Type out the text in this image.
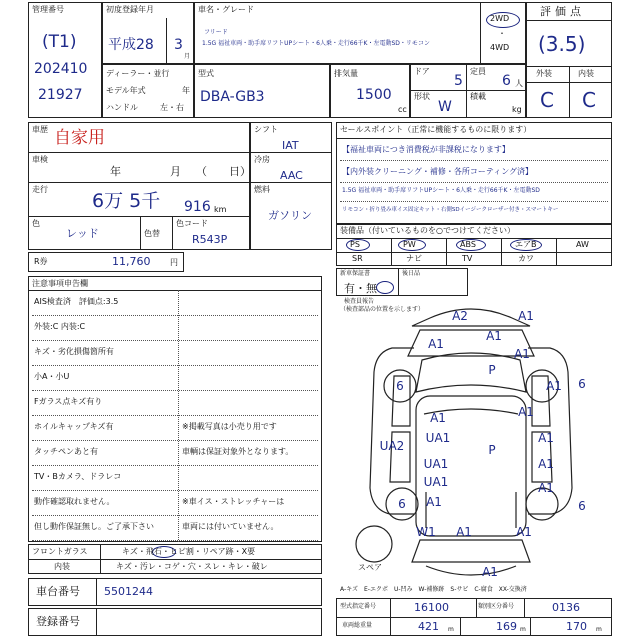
管理番号
(T1)
202410
21927
初度登録年月
平成28 3
月
車名・グレード
フリード
1.5G 福祉車両・助手席リフトUPシート・6人乗・走行66千K・左電動SD・リモコン
2WD
・
4WD
評価点
(3.5)
外装	内装
C C
ディーラー・並行
モデル年式	年
ハンドル	左・右
型式
DBA-GB3
排気量
1500
cc
ドア
5
定員
6 人
形状
W
積載
kg
車歴 自家用
車検
年	月 （　　日）
走行
6万 5千 916 km
色
レッド	色替
色コード
R543P
シフト
IAT
冷房
AAC
燃料
ガソリン
R券	11,760 円
セールスポイント（正常に機能するものに限ります）
【福祉車両につき消費税が非課税になります】
【内外装クリーニング・補修・各所コーティング済】
1.5G 福祉車両・助手席リフトUPシート・6人乗・走行66千K・左電動SD
リモコン・折り畳み車イス固定キット・右側SDイージークローザー付き・スマートキー
装備品（付いているものを○でつけてください）
PS	PW	ABS	エアB	AW
SR	ナビ	TV	カワ
新車保証書	後日品
有・無
注意事項申告欄
AIS検査済　評価点:3.5
外装:C 内装:C
キズ・劣化損傷箇所有
小A・小U
Fガラス点キズ有り
ホイルキャップキズ有	※掲載写真は小売り用です
タッチペンあと有	車輌は保証対象外となります。
TV・Bカメラ、ドラレコ
動作確認取れません。	※車イス・ストレッチャーは
但し動作保証無し。ご了承下さい	車両には付いていません。
フロントガラス	キズ・飛石・ヒビ割・リペア跡・X要
内装	キズ・汚レ・コゲ・穴・スレ・キレ・破レ
車台番号 5501244
登録番号
検査員報告
（検査部品の位置を示します） A2	A1
A1
A1
A1
P
6	A1 6
A1	A1
UA2
UA1
P
A1
A1
UA1
UA1
A1
A1
6	6
W1 A1	A1
A1
スペア
A-キズ　E-エクボ　U-凹み　W-補修跡　S-サビ　C-腐食　XX-交換済
型式指定番号	16100	類別区分番号	0136
車両総重量	421 m	169 m	170 m
